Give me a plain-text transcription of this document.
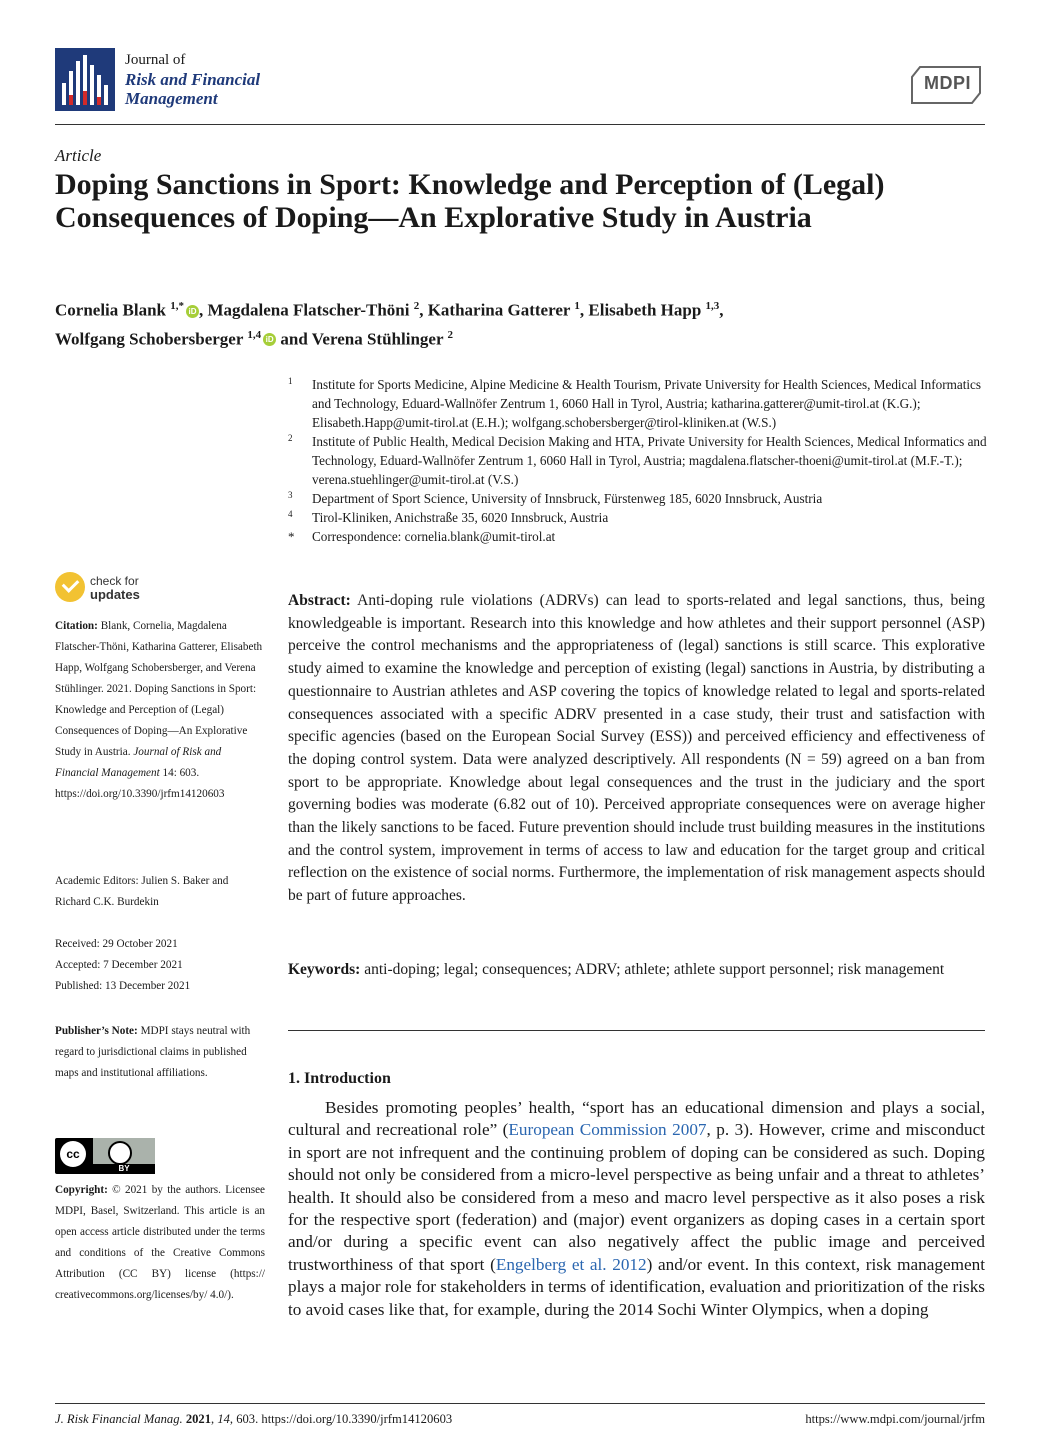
Journal of
Risk and Financial
Management
MDPI
Article
Doping Sanctions in Sport: Knowledge and Perception of (Legal) Consequences of Doping—An Explorative Study in Austria
Cornelia Blank $^{1,*}$ iD , Magdalena Flatscher-Thöni $^2$, Katharina Gatterer $^1$, Elisabeth Happ $^{1,3}$,
Wolfgang Schobersberger $^{1,4}$ iD and Verena Stühlinger $^2$
1 Institute for Sports Medicine, Alpine Medicine & Health Tourism, Private University for Health Sciences, Medical Informatics and Technology, Eduard-Wallnöfer Zentrum 1, 6060 Hall in Tyrol, Austria; katharina.gatterer@umit-tirol.at (K.G.); Elisabeth.Happ@umit-tirol.at (E.H.); wolfgang.schobersberger@tirol-kliniken.at (W.S.)
2 Institute of Public Health, Medical Decision Making and HTA, Private University for Health Sciences, Medical Informatics and Technology, Eduard-Wallnöfer Zentrum 1, 6060 Hall in Tyrol, Austria; magdalena.flatscher-thoeni@umit-tirol.at (M.F.-T.); verena.stuehlinger@umit-tirol.at (V.S.)
3 Department of Sport Science, University of Innsbruck, Fürstenweg 185, 6020 Innsbruck, Austria
4 Tirol-Kliniken, Anichstraße 35, 6020 Innsbruck, Austria
* Correspondence: cornelia.blank@umit-tirol.at
check for
updates
Citation: Blank, Cornelia, Magdalena Flatscher-Thöni, Katharina Gatterer, Elisabeth Happ, Wolfgang Schobersberger, and Verena Stühlinger. 2021. Doping Sanctions in Sport: Knowledge and Perception of (Legal) Consequences of Doping—An Explorative Study in Austria. Journal of Risk and Financial Management 14: 603. https://doi.org/10.3390/jrfm14120603
Academic Editors: Julien S. Baker and Richard C.K. Burdekin
Received: 29 October 2021
Accepted: 7 December 2021
Published: 13 December 2021
Publisher’s Note: MDPI stays neutral with regard to jurisdictional claims in published maps and institutional affiliations.
cc
BY
Copyright: © 2021 by the authors. Licensee MDPI, Basel, Switzerland. This article is an open access article distributed under the terms and conditions of the Creative Commons Attribution (CC BY) license (https:// creativecommons.org/licenses/by/ 4.0/).
Abstract: Anti-doping rule violations (ADRVs) can lead to sports-related and legal sanctions, thus, being knowledgeable is important. Research into this knowledge and how athletes and their support personnel (ASP) perceive the control mechanisms and the appropriateness of (legal) sanctions is still scarce. This explorative study aimed to examine the knowledge and perception of existing (legal) sanctions in Austria, by distributing a questionnaire to Austrian athletes and ASP covering the topics of knowledge related to legal and sports-related consequences associated with a specific ADRV presented in a case study, their trust and satisfaction with specific agencies (based on the European Social Survey (ESS)) and perceived efficiency and effectiveness of the doping control system. Data were analyzed descriptively. All respondents (N = 59) agreed on a ban from sport to be appropriate. Knowledge about legal consequences and the trust in the judiciary and the sport governing bodies was moderate (6.82 out of 10). Perceived appropriate consequences were on average higher than the likely sanctions to be faced. Future prevention should include trust building measures in the institutions and the control system, improvement in terms of access to law and education for the target group and critical reflection on the existence of social norms. Furthermore, the implementation of risk management aspects should be part of future approaches.
Keywords: anti-doping; legal; consequences; ADRV; athlete; athlete support personnel; risk management
1. Introduction
Besides promoting peoples’ health, “sport has an educational dimension and plays a social, cultural and recreational role” (European Commission 2007, p. 3). However, crime and misconduct in sport are not infrequent and the continuing problem of doping can be considered as such. Doping should not only be considered from a micro-level perspective as being unfair and a threat to athletes’ health. It should also be considered from a meso and macro level perspective as it also poses a risk for the respective sport (federation) and (major) event organizers as doping cases in a certain sport and/or during a specific event can also negatively affect the public image and perceived trustworthiness of that sport (Engelberg et al. 2012) and/or event. In this context, risk management plays a major role for stakeholders in terms of identification, evaluation and prioritization of the risks to avoid cases like that, for example, during the 2014 Sochi Winter Olympics, when a doping
J. Risk Financial Manag. 2021, 14, 603. https://doi.org/10.3390/jrfm14120603	https://www.mdpi.com/journal/jrfm
